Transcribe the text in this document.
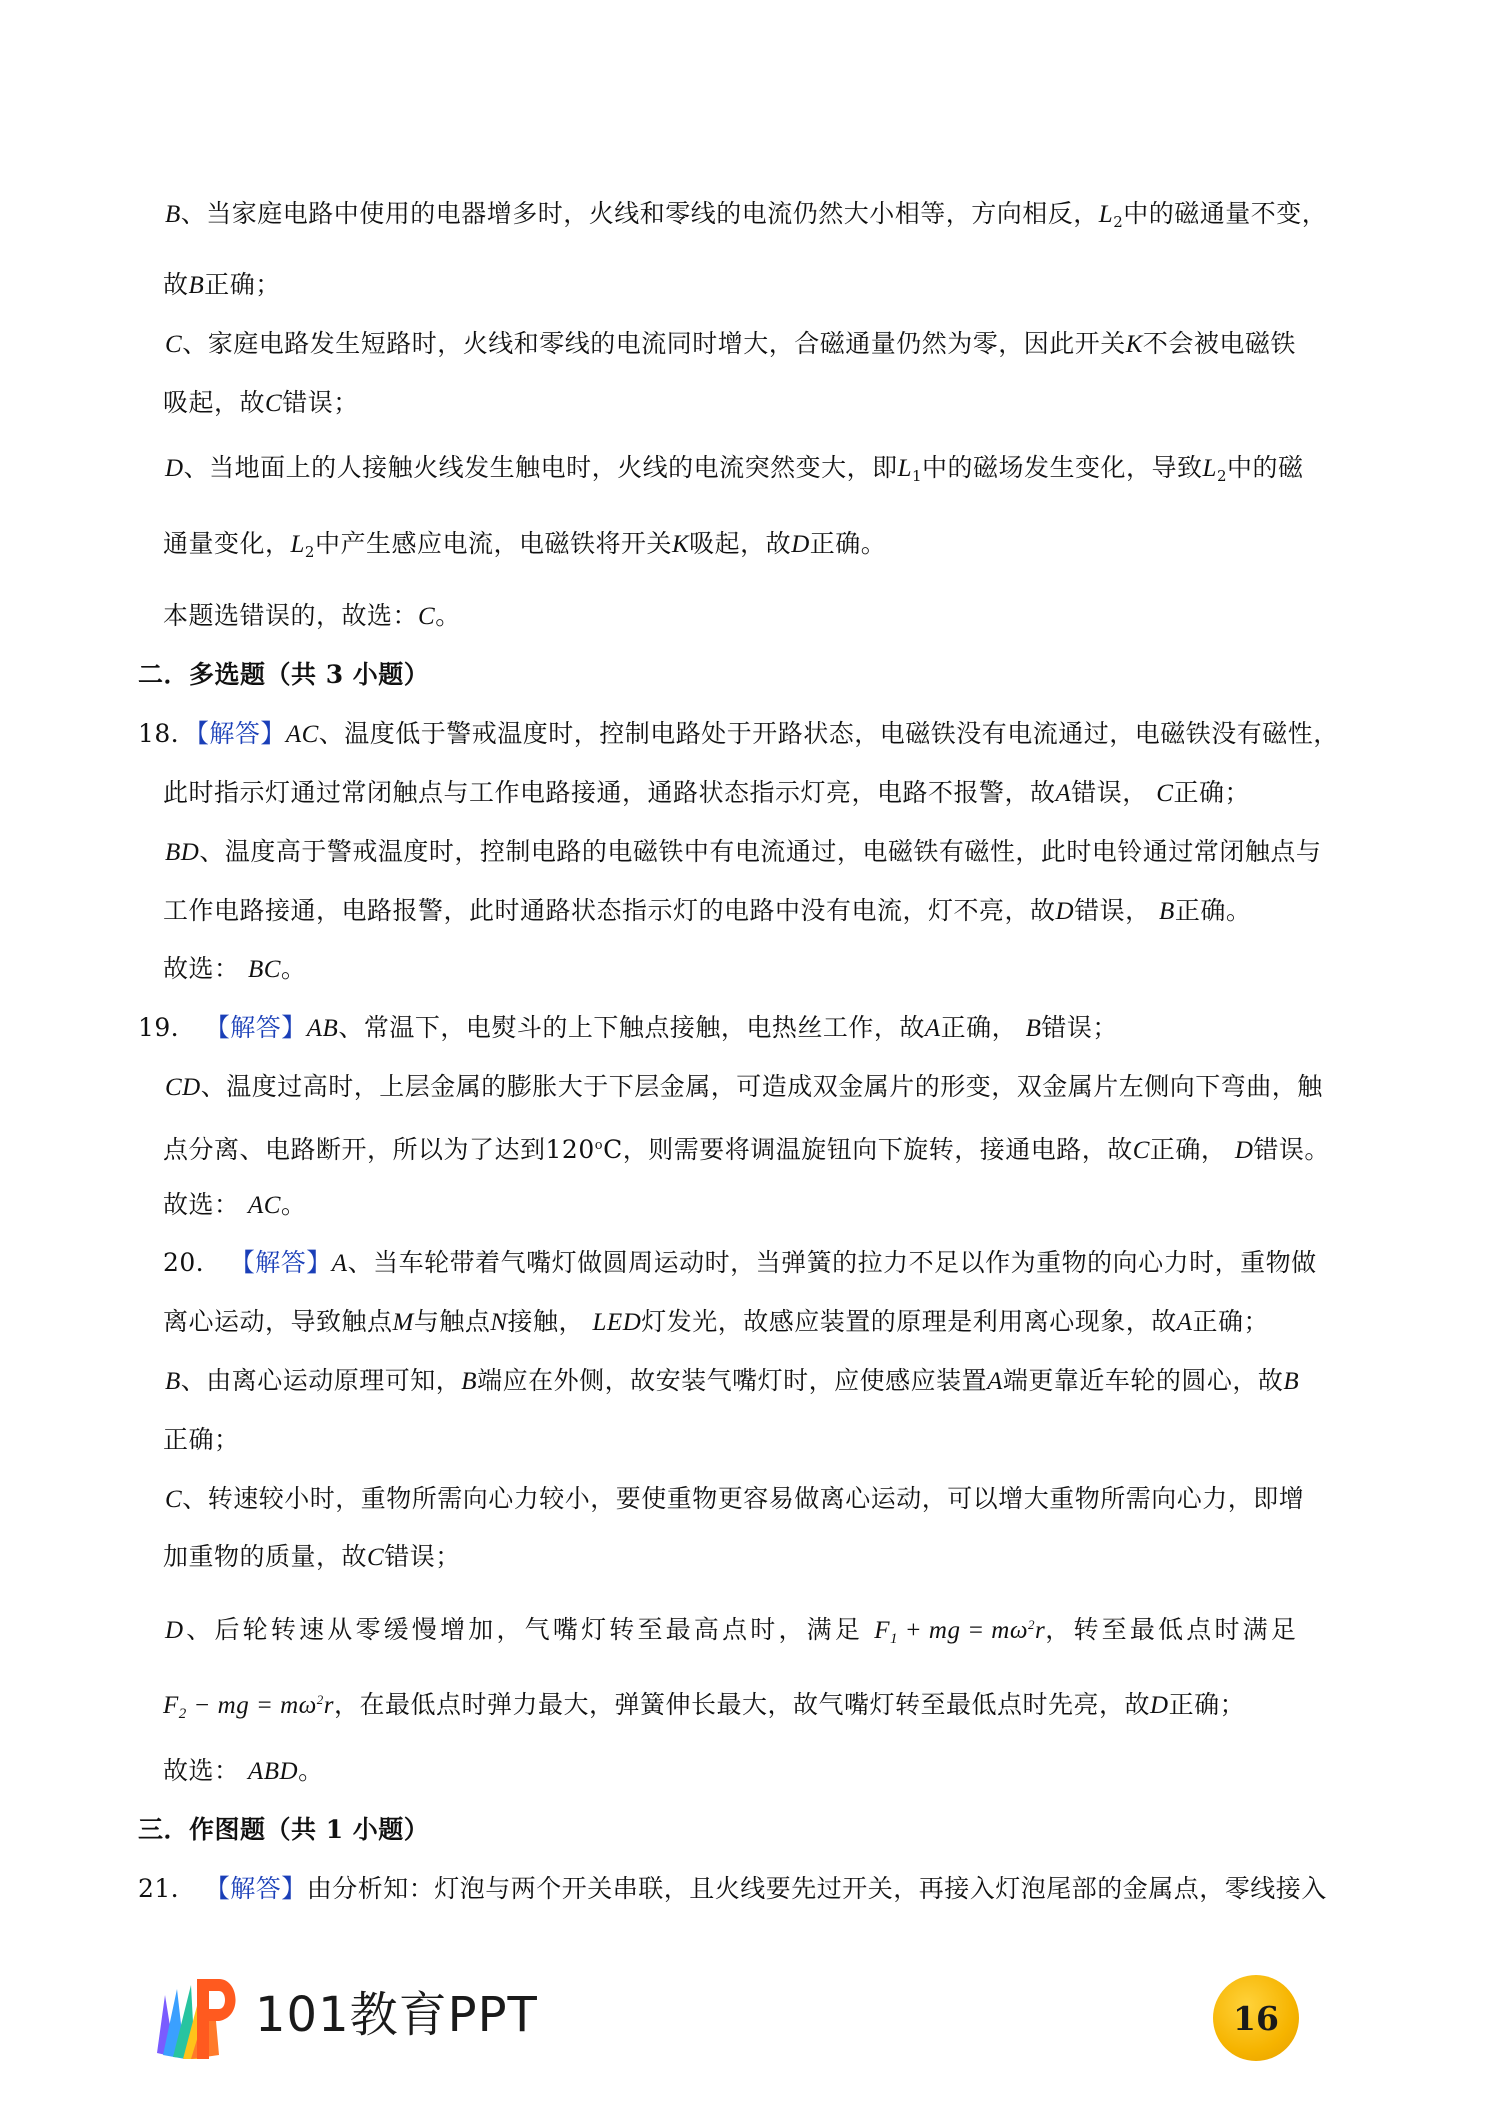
B、当家庭电路中使用的电器增多时，火线和零线的电流仍然大小相等，方向相反，$L_2$中的磁通量不变，
故B正确；
C、家庭电路发生短路时，火线和零线的电流同时增大，合磁通量仍然为零，因此开关K不会被电磁铁
吸起，故C错误；
D、当地面上的人接触火线发生触电时，火线的电流突然变大，即$L_1$中的磁场发生变化，导致$L_2$中的磁
通量变化，$L_2$中产生感应电流，电磁铁将开关K吸起，故D正确。
本题选错误的，故选：C。
二．多选题（共 3 小题）
18．【解答】AC、温度低于警戒温度时，控制电路处于开路状态，电磁铁没有电流通过，电磁铁没有磁性，
此时指示灯通过常闭触点与工作电路接通，通路状态指示灯亮，电路不报警，故A错误， C正确；
BD、温度高于警戒温度时，控制电路的电磁铁中有电流通过，电磁铁有磁性，此时电铃通过常闭触点与
工作电路接通，电路报警，此时通路状态指示灯的电路中没有电流，灯不亮，故D错误， B正确。
故选： BC。
19． 【解答】AB、常温下，电熨斗的上下触点接触，电热丝工作，故A正确， B错误；
CD、温度过高时，上层金属的膨胀大于下层金属，可造成双金属片的形变，双金属片左侧向下弯曲，触
点分离、电路断开，所以为了达到120$^o$C，则需要将调温旋钮向下旋转，接通电路，故C正确， D错误。
故选： AC。
20． 【解答】A、当车轮带着气嘴灯做圆周运动时，当弹簧的拉力不足以作为重物的向心力时，重物做
离心运动，导致触点M与触点N接触， LED灯发光，故感应装置的原理是利用离心现象，故A正确；
B、由离心运动原理可知，B端应在外侧，故安装气嘴灯时，应使感应装置A端更靠近车轮的圆心，故B
正确；
C、转速较小时，重物所需向心力较小，要使重物更容易做离心运动，可以增大重物所需向心力，即增
加重物的质量，故C错误；
D、后轮转速从零缓慢增加，气嘴灯转至最高点时，满足 $F_1$ + mg = $m\omega^2r$，转至最低点时满足
$F_2$ − mg = $m\omega^2r$，在最低点时弹力最大，弹簧伸长最大，故气嘴灯转至最低点时先亮，故D正确；
故选： ABD。
三．作图题（共 1 小题）
21． 【解答】由分析知：灯泡与两个开关串联，且火线要先过开关，再接入灯泡尾部的金属点，零线接入
101教育PPT	16
